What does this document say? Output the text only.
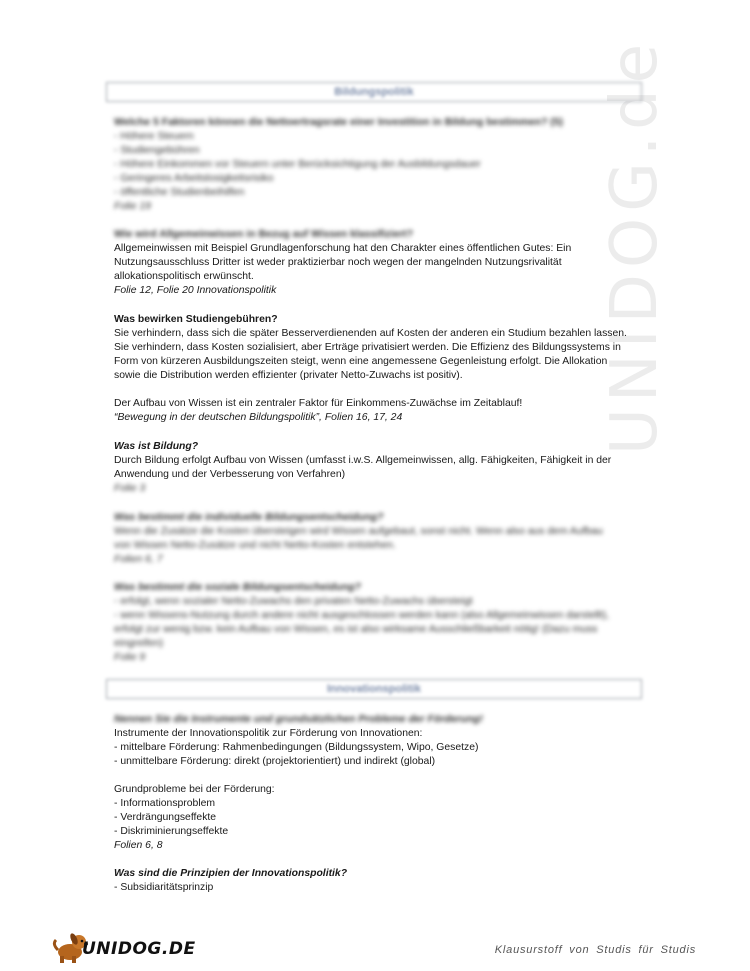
UNIDOG.de
Bildungspolitik
Welche 5 Faktoren können die Nettoertragsrate einer Investition in Bildung bestimmen? (5)
- Höhere Steuern
- Studiengebühren
- Höhere Einkommen vor Steuern unter Berücksichtigung der Ausbildungsdauer
- Geringeres Arbeitslosigkeitsrisiko
- öffentliche Studienbeihilfen
Folie 19
Wie wird Allgemeinwissen in Bezug auf Wissen klassifiziert?
Allgemeinwissen mit Beispiel Grundlagenforschung hat den Charakter eines öffentlichen Gutes: Ein
Nutzungsausschluss Dritter ist weder praktizierbar noch wegen der mangelnden Nutzungsrivalität
allokationspolitisch erwünscht.
Folie 12, Folie 20 Innovationspolitik
Was bewirken Studiengebühren?
Sie verhindern, dass sich die später Besserverdienenden auf Kosten der anderen ein Studium bezahlen lassen.
Sie verhindern, dass Kosten sozialisiert, aber Erträge privatisiert werden. Die Effizienz des Bildungssystems in
Form von kürzeren Ausbildungszeiten steigt, wenn eine angemessene Gegenleistung erfolgt. Die Allokation
sowie die Distribution werden effizienter (privater Netto-Zuwachs ist positiv).
Der Aufbau von Wissen ist ein zentraler Faktor für Einkommens-Zuwächse im Zeitablauf!
“Bewegung in der deutschen Bildungspolitik”, Folien 16, 17, 24
Was ist Bildung?
Durch Bildung erfolgt Aufbau von Wissen (umfasst i.w.S. Allgemeinwissen, allg. Fähigkeiten, Fähigkeit in der
Anwendung und der Verbesserung von Verfahren)
Folie 3
Was bestimmt die individuelle Bildungsentscheidung?
Wenn die Zusätze die Kosten übersteigen wird Wissen aufgebaut, sonst nicht. Wenn also aus dem Aufbau
von Wissen Netto-Zusätze und nicht Netto-Kosten entstehen.
Folien 6, 7
Was bestimmt die soziale Bildungsentscheidung?
- erfolgt, wenn sozialer Netto-Zuwachs den privaten Netto-Zuwachs übersteigt
- wenn Wissens-Nutzung durch andere nicht ausgeschlossen werden kann (also Allgemeinwissen darstellt),
erfolgt zur wenig bzw. kein Aufbau von Wissen, es ist also wirksame Ausschließbarkeit nötig! (Dazu muss
eingreifen)
Folie 9
Innovationspolitik
Nennen Sie die Instrumente und grundsätzlichen Probleme der Förderung!
Instrumente der Innovationspolitik zur Förderung von Innovationen:
- mittelbare Förderung: Rahmenbedingungen (Bildungssystem, Wipo, Gesetze)
- unmittelbare Förderung: direkt (projektorientiert) und indirekt (global)
Grundprobleme bei der Förderung:
- Informationsproblem
- Verdrängungseffekte
- Diskriminierungseffekte
Folien 6, 8
Was sind die Prinzipien der Innovationspolitik?
- Subsidiaritätsprinzip
UNIDOG.DE	Klausurstoff von Studis für Studis
